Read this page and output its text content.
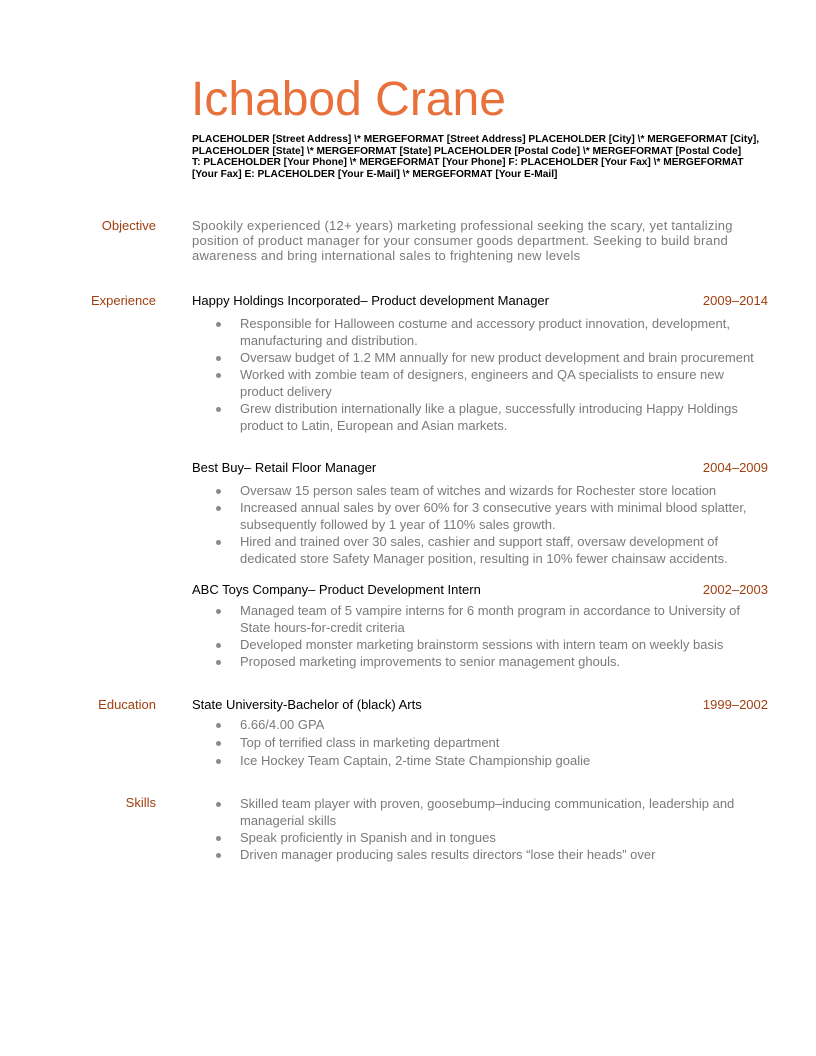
Ichabod Crane
PLACEHOLDER [Street Address] \* MERGEFORMAT [Street Address] PLACEHOLDER [City] \* MERGEFORMAT [City], PLACEHOLDER [State] \* MERGEFORMAT [State] PLACEHOLDER [Postal Code] \* MERGEFORMAT [Postal Code]
T: PLACEHOLDER [Your Phone] \* MERGEFORMAT [Your Phone] F: PLACEHOLDER [Your Fax] \* MERGEFORMAT [Your Fax] E: PLACEHOLDER [Your E-Mail] \* MERGEFORMAT [Your E-Mail]
Objective	Spookily experienced (12+ years) marketing professional seeking the scary, yet tantalizing position of product manager for your consumer goods department. Seeking to build brand awareness and bring international sales to frightening new levels
Experience	Happy Holdings Incorporated– Product development Manager	2009–2014
Responsible for Halloween costume and accessory product innovation, development, manufacturing and distribution.
Oversaw budget of 1.2 MM annually for new product development and brain procurement
Worked with zombie team of designers, engineers and QA specialists to ensure new product delivery
Grew distribution internationally like a plague, successfully introducing Happy Holdings product to Latin, European and Asian markets.
Best Buy– Retail Floor Manager	2004–2009
Oversaw 15 person sales team of witches and wizards for Rochester store location
Increased annual sales by over 60% for 3 consecutive years with minimal blood splatter, subsequently followed by 1 year of 110% sales growth.
Hired and trained over 30 sales, cashier and support staff, oversaw development of dedicated store Safety Manager position, resulting in 10% fewer chainsaw accidents.
ABC Toys Company– Product Development Intern	2002–2003
Managed team of 5 vampire interns for 6 month program in accordance to University of State hours-for-credit criteria
Developed monster marketing brainstorm sessions with intern team on weekly basis
Proposed marketing improvements to senior management ghouls.
Education	State University-Bachelor of (black) Arts	1999–2002
6.66/4.00 GPA
Top of terrified class in marketing department
Ice Hockey Team Captain, 2-time State Championship goalie
Skills	Skilled team player with proven, goosebump–inducing communication, leadership and managerial skills
Speak proficiently in Spanish and in tongues
Driven manager producing sales results directors “lose their heads” over
